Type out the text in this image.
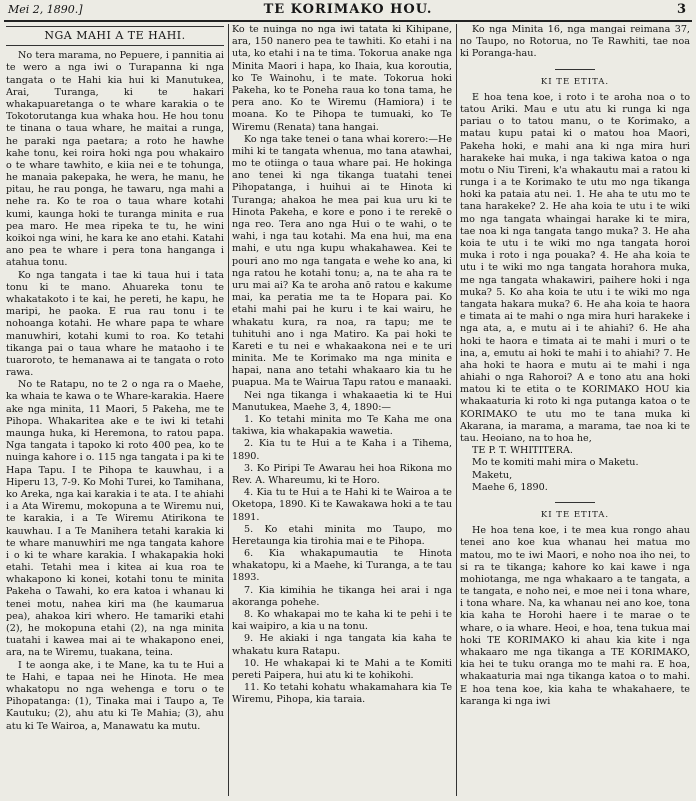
Mei 2, 1890.]	TE KORIMAKO HOU.	3
NGA MAHI A TE HAHI.

No tera marama, no Pepuere, i pannitia ai te wero a nga iwi o Turapanna ki nga tangata o te Hahi kia hui ki Manutukea, Arai, Turanga, ki te hakari whakapuaretanga o te whare karakia o te Tokotorutanga kua whaka hou. He hou tonu te tinana o taua whare, he maitai a runga, he paraki nga paetara; a roto he hawhe kahe tonu, kei roira hoki nga pou whakairo o te whare tawhito, e kiia nei e te tohunga, he manaia pakepaka, he wera, he manu, he pitau, he rau ponga, he tawaru, nga mahi a nehe ra. Ko te roa o taua whare kotahi kumi, kaunga hoki te turanga minita e rua pea maro. He mea ripeka te tu, he wini koikoi nga wini, he kara ke ano etahi. Katahi ano pea te whare i pera tona hanganga i atahua tonu.

Ko nga tangata i tae ki taua hui i tata tonu ki te mano. Ahuareka tonu te whakatakoto i te kai, he pereti, he kapu, he maripi, he paoka. E rua rau tonu i te nohoanga kotahi. He whare papa te whare manuwhiri, kotahi kumi to roa. Ko tetahi tikanga pai o taua whare he mataoho i te tuaroroto, te hemanawa ai te tangata o roto rawa.

No te Ratapu, no te 2 o nga ra o Maehe, ka whaia te kawa o te Whare-karakia. Haere ake nga minita, 11 Maori, 5 Pakeha, me te Pihopa. Whakaritea ake e te iwi ki tetahi maunga huka, ki Heremona, to ratou papa. Nga tangata i tapoko ki roto 400 pea, ko te nuinga kahore i o. 115 nga tangata i pa ki te Hapa Tapu. I te Pihopa te kauwhau, i a Hiperu 13, 7-9. Ko Mohi Turei, ko Tamihana, ko Areka, nga kai karakia i te ata. I te ahiahi i a Ata Wiremu, mokopuna a te Wiremu nui, te karakia, i a Te Wiremu Atirikona te kauwhau. I a Te Manihera tetahi karakia ki te whare manuwhiri me nga tangata kahore i o ki te whare karakia. I whakapakia hoki etahi. Tetahi mea i kitea ai kua roa te whakapono ki konei, kotahi tonu te minita Pakeha o Tawahi, ko era katoa i whanau ki tenei motu, nahea kiri ma (he kaumarua pea), ahakoa kiri whero. He tamariki etahi (2), he mokopuna etahi (2), na nga minita tuatahi i kawea mai ai te whakapono enei, ara, na te Wiremu, tuakana, teina.

I te aonga ake, i te Mane, ka tu te Hui a te Hahi, e tapaa nei he Hinota. He mea whakatopu no nga wehenga e toru o te Pihopatanga: (1), Tinaka mai i Taupo a, Te Kautuku; (2), ahu atu ki Te Mahia; (3), ahu atu ki Te Wairoa, a, Manawatu ka mutu.

Ko te nuinga no nga iwi tatata ki Kihipane, ara, 150 nanero pea te tawhiti. Ko etahi i na uta, ko etahi i na te tima. Tokorua anake nga Minita Maori i hapa, ko Ihaia, kua koroutia, ko Te Wainohu, i te mate. Tokorua hoki Pakeha, ko te Poneha raua ko tona tama, he pera ano. Ko te Wiremu (Hamiora) i te moana. Ko te Pihopa te tumuaki, ko Te Wiremu (Renata) tana hangai.

Ko nga take tenei o tana whai korero:—He mihi ki te tangata whenua, mo tana atawhai, mo te otiinga o taua whare pai. He hokinga ano tenei ki nga tikanga tuatahi tenei Pihopatanga, i huihui ai te Hinota ki Turanga; ahakoa he mea pai kua uru ki te Hinota Pakeha, e kore e pono i te rerekē o nga reo. Tera ano nga Hui o te wahi, o te wahi, i nga tau kotahi. Ma ena hui, ma ena mahi, e utu nga kupu whakahawea. Kei te pouri ano mo nga tangata e wehe ko ana, ki nga ratou he kotahi tonu; a, na te aha ra te uru mai ai? Ka te aroha anō ratou e kakume mai, ka peratia me ta te Hopara pai. Ko etahi mahi pai he kuru i te kai wairu, he whakatu kura, ra noa, ra tapu; me te tuhituhi ano i nga Matiro. Ka pai hoki te Kareti e tu nei e whakaakona nei e te uri minita. Me te Korimako ma nga minita e hapai, nana ano tetahi whakaaro kia tu he puapua. Ma te Wairua Tapu ratou e manaaki.

Nei nga tikanga i whakaaetia ki te Hui Manutukea, Maehe 3, 4, 1890:—

1. Ko tetahi minita mo Te Kaha me ona takiwa, kia whakapakia wawetia.

2. Kia tu te Hui a te Kaha i a Tihema, 1890.

3. Ko Piripi Te Awarau hei hoa Rikona mo Rev. A. Whareumu, ki te Horo.

4. Kia tu te Hui a te Hahi ki te Wairoa a te Oketopa, 1890. Ki te Kawakawa hoki a te tau 1891.

5. Ko etahi minita mo Taupo, mo Heretaunga kia tirohia mai e te Pihopa.

6. Kia whakapumautia te Hinota whakatopu, ki a Maehe, ki Turanga, a te tau 1893.

7. Kia kimihia he tikanga hei arai i nga akoranga pohehe.

8. Ko whakapai mo te kaha ki te pehi i te kai waipiro, a kia u na tonu.

9. He akiaki i nga tangata kia kaha te whakatu kura Ratapu.

10. He whakapai ki te Mahi a te Komiti pereti Paipera, hui atu ki te kohikohi.

11. Ko tetahi kohatu whakamahara kia Te Wiremu, Pihopa, kia taraia.

Ko nga Minita 16, nga mangai reimana 37, no Taupo, no Rotorua, no Te Rawhiti, tae noa ki Poranga-hau.

KI TE ETITA.

E hoa tena koe, i roto i te aroha noa o to tatou Ariki. Mau e utu atu ki runga ki nga pariau o to tatou manu, o te Korimako, a matau kupu patai ki o matou hoa Maori, Pakeha hoki, e mahi ana ki nga mira huri harakeke hai muka, i nga takiwa katoa o nga motu o Niu Tireni, k'a whakautu mai a ratou ki runga i a te Korimako te utu mo nga tikanga hoki ka pataia atu nei. 1. He aha te utu mo te tana harakeke? 2. He aha koia te utu i te wiki mo nga tangata whaingai harake ki te mira, tae noa ki nga tangata tango muka? 3. He aha koia te utu i te wiki mo nga tangata horoi muka i roto i nga pouaka? 4. He aha koia te utu i te wiki mo nga tangata horahora muka, me nga tangata whakawiri, paihere hoki i nga muka? 5. Ko aha koia te utu i te wiki mo nga tangata hakara muka? 6. He aha koia te haora e timata ai te mahi o nga mira huri harakeke i nga ata, a, e mutu ai i te ahiahi? 6. He aha hoki te haora e timata ai te mahi i muri o te ina, a, emutu ai hoki te mahi i to ahiahi? 7. He aha hoki te haora e mutu ai te mahi i nga ahiahi o nga Rahoroi? A e tono atu ana hoki matou ki te etita o te KORIMAKO HOU kia whakaaturia ki roto ki nga putanga katoa o te KORIMAKO te utu mo te tana muka ki Akarana, ia marama, a marama, tae noa ki te tau. Heoiano, na to hoa he,

TE P. T. WHITITERA.

Mo te komiti mahi mira o Maketu.

Maketu,

Maehe 6, 1890.

KI TE ETITA.

He hoa tena koe, i te mea kua rongo ahau tenei ano koe kua whanau hei matua mo matou, mo te iwi Maori, e noho noa iho nei, to si ra te tikanga; kahore ko kai kawe i nga mohiotanga, me nga whakaaro a te tangata, a te tangata, e noho nei, e moe nei i tona whare, i tona whare. Na, ka whanau nei ano koe, tona kia kaha te Horohi haere i te marae o te whare, o ia whare. Heoi, e hoa, tena tukua mai hoki TE KORIMAKO ki ahau kia kite i nga whakaaro me nga tikanga a TE KORIMAKO, kia hei te tuku oranga mo te mahi ra. E hoa, whakaaturia mai nga tikanga katoa o to mahi. E hoa tena koe, kia kaha te whakahaere, te karanga ki nga iwi
